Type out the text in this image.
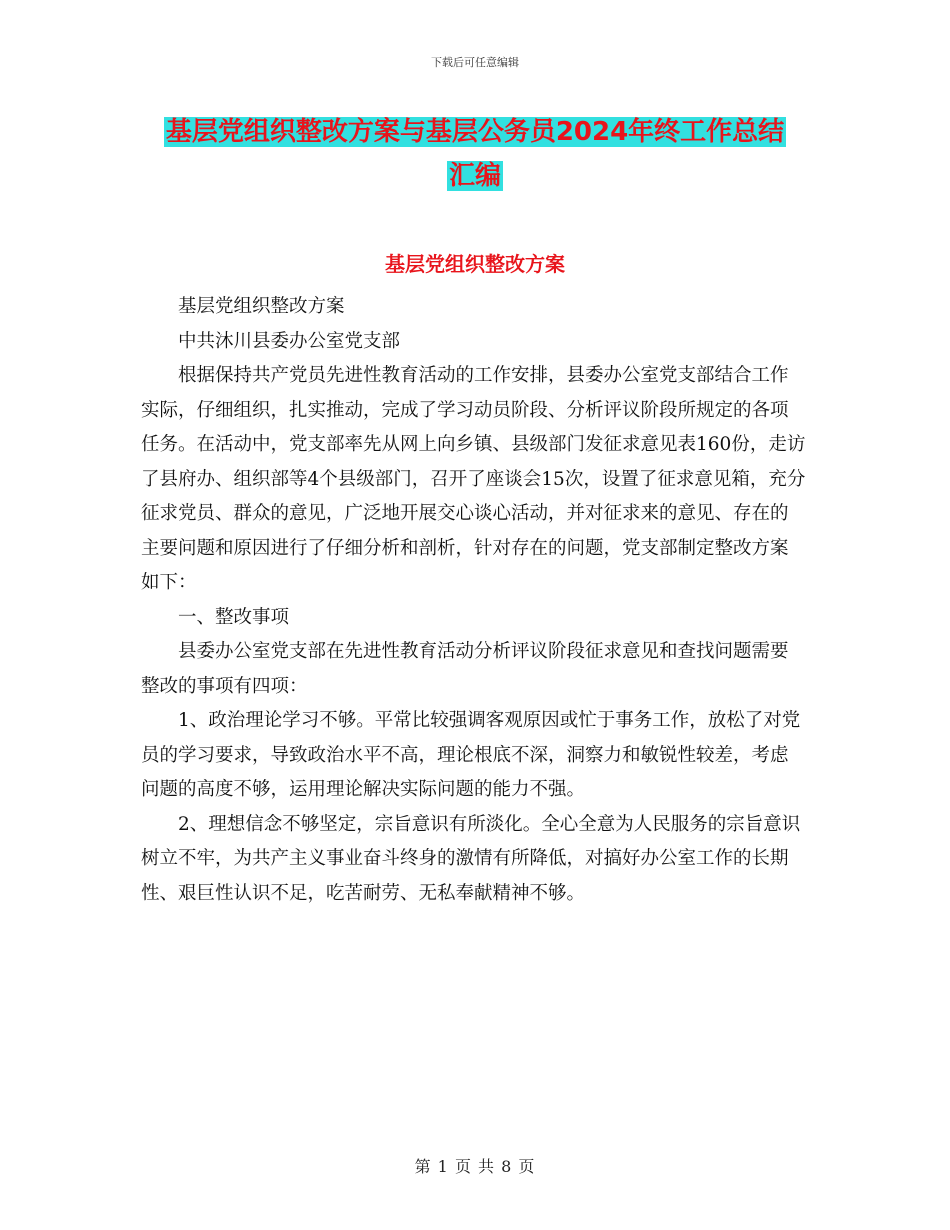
下载后可任意编辑
基层党组织整改方案与基层公务员2024年终工作总结
汇编
基层党组织整改方案

基层党组织整改方案

中共沐川县委办公室党支部

根据保持共产党员先进性教育活动的工作安排，县委办公室党支部结合工作实际，仔细组织，扎实推动，完成了学习动员阶段、分析评议阶段所规定的各项任务。在活动中，党支部率先从网上向乡镇、县级部门发征求意见表160份，走访了县府办、组织部等4个县级部门，召开了座谈会15次，设置了征求意见箱，充分征求党员、群众的意见，广泛地开展交心谈心活动，并对征求来的意见、存在的主要问题和原因进行了仔细分析和剖析，针对存在的问题，党支部制定整改方案如下：

一、整改事项

县委办公室党支部在先进性教育活动分析评议阶段征求意见和查找问题需要整改的事项有四项：

1、政治理论学习不够。平常比较强调客观原因或忙于事务工作，放松了对党员的学习要求，导致政治水平不高，理论根底不深，洞察力和敏锐性较差，考虑问题的高度不够，运用理论解决实际问题的能力不强。

2、理想信念不够坚定，宗旨意识有所淡化。全心全意为人民服务的宗旨意识树立不牢，为共产主义事业奋斗终身的激情有所降低，对搞好办公室工作的长期性、艰巨性认识不足，吃苦耐劳、无私奉献精神不够。

第 1 页 共 8 页
